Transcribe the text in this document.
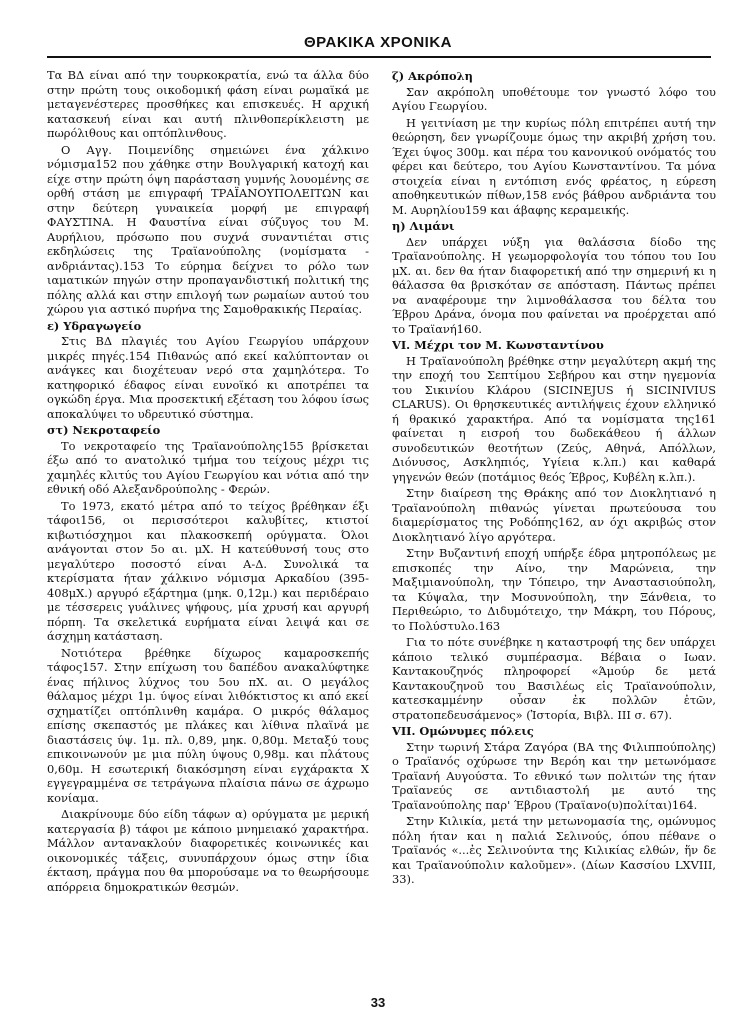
ΘΡΑΚΙΚΑ ΧΡΟΝΙΚΑ

Τα ΒΔ είναι από την τουρκοκρατία, ενώ τα άλλα δύο στην πρώτη τους οικοδομική φάση είναι ρωμαϊκά με μεταγενέστερες προσθήκες και επισκευές. Η αρχική κατασκευή είναι και αυτή πλινθοπερίκλειστη με πωρόλιθους και οπτόπλινθους.

Ο Αγγ. Ποιμενίδης σημειώνει ένα χάλκινο νόμισμα152 που χάθηκε στην Βουλγαρική κατοχή και είχε στην πρώτη όψη παράσταση γυμνής λουομένης σε ορθή στάση με επιγραφή ΤΡΑΪΑΝΟΥΠΟΛΕΙΤΩΝ και στην δεύτερη γυναικεία μορφή με επιγραφή ΦΑΥΣΤΙΝΑ. Η Φαυστίνα είναι σύζυγος του Μ. Αυρήλιου, πρόσωπο που συχνά συναντιέται στις εκδηλώσεις της Τραϊανούπολης (νομίσματα - ανδριάντας).153 Το εύρημα δείχνει το ρόλο των ιαματικών πηγών στην προπαγανδιστική πολιτική της πόλης αλλά και στην επιλογή των ρωμαίων αυτού του χώρου για αστικό πυρήνα της Σαμοθρακικής Περαίας.

ε) Υδραγωγείο

Στις ΒΔ πλαγιές του Αγίου Γεωργίου υπάρχουν μικρές πηγές.154 Πιθανώς από εκεί καλύπτονταν οι ανάγκες και διοχέτευαν νερό στα χαμηλότερα. Το κατηφορικό έδαφος είναι ευνοϊκό κι αποτρέπει τα ογκώδη έργα. Μια προσεκτική εξέταση του λόφου ίσως αποκαλύψει το υδρευτικό σύστημα.

στ) Νεκροταφείο

Το νεκροταφείο της Τραϊανούπολης155 βρίσκεται έξω από το ανατολικό τμήμα του τείχους μέχρι τις χαμηλές κλιτύς του Αγίου Γεωργίου και νότια από την εθνική οδό Αλεξανδρούπολης - Φερών.

Το 1973, εκατό μέτρα από το τείχος βρέθηκαν έξι τάφοι156, οι περισσότεροι καλυβίτες, κτιστοί κιβωτιόσχημοι και πλακοσκεπή ορύγματα. Όλοι ανάγονται στον 5ο αι. μΧ. Η κατεύθυνσή τους στο μεγαλύτερο ποσοστό είναι Α-Δ. Συνολικά τα κτερίσματα ήταν χάλκινο νόμισμα Αρκαδίου (395-408μΧ.) αργυρό εξάρτημα (μηκ. 0,12μ.) και περιδέραιο με τέσσερεις γυάλινες ψήφους, μία χρυσή και αργυρή πόρπη. Τα σκελετικά ευρήματα είναι λειψά και σε άσχημη κατάσταση.

Νοτιότερα βρέθηκε δίχωρος καμαροσκεπής τάφος157. Στην επίχωση του δαπέδου ανακαλύφτηκε ένας πήλινος λύχνος του 5ου πΧ. αι. Ο μεγάλος θάλαμος μέχρι 1μ. ύψος είναι λιθόκτιστος κι από εκεί σχηματίζει οπτόπλινθη καμάρα. Ο μικρός θάλαμος επίσης σκεπαστός με πλάκες και λίθινα πλαϊνά με διαστάσεις ύψ. 1μ. πλ. 0,89, μηκ. 0,80μ. Μεταξύ τους επικοινωνούν με μια πύλη ύψους 0,98μ. και πλάτους 0,60μ. Η εσωτερική διακόσμηση είναι εγχάρακτα Χ εγγεγραμμένα σε τετράγωνα πλαίσια πάνω σε άχρωμο κονίαμα.

Διακρίνουμε δύο είδη τάφων α) ορύγματα με μερική κατεργασία β) τάφοι με κάποιο μνημειακό χαρακτήρα. Μάλλον αντανακλούν διαφορετικές κοινωνικές και οικονομικές τάξεις, συνυπάρχουν όμως στην ίδια έκταση, πράγμα που θα μπορούσαμε να το θεωρήσουμε απόρρεια δημοκρατικών θεσμών.

ζ) Ακρόπολη

Σαν ακρόπολη υποθέτουμε τον γνωστό λόφο του Αγίου Γεωργίου.

Η γειτνίαση με την κυρίως πόλη επιτρέπει αυτή την θεώρηση, δεν γνωρίζουμε όμως την ακριβή χρήση του. Έχει ύψος 300μ. και πέρα του κανονικού ονόματός του φέρει και δεύτερο, του Αγίου Κωνσταντίνου. Τα μόνα στοιχεία είναι η εντόπιση ενός φρέατος, η εύρεση αποθηκευτικών πίθων,158 ενός βάθρου ανδριάντα του Μ. Αυρηλίου159 και άβαφης κεραμεικής.

η) Λιμάνι

Δεν υπάρχει νύξη για θαλάσσια δίοδο της Τραϊανούπολης. Η γεωμορφολογία του τόπου του Ιου μΧ. αι. δεν θα ήταν διαφορετική από την σημερινή κι η θάλασσα θα βρισκόταν σε απόσταση. Πάντως πρέπει να αναφέρουμε την λιμνοθάλασσα του δέλτα του Έβρου Δράνα, όνομα που φαίνεται να προέρχεται από το Τραϊανή160.

VI. Μέχρι τον Μ. Κωνσταντίνου

Η Τραϊανούπολη βρέθηκε στην μεγαλύτερη ακμή της την εποχή του Σεπτίμου Σεβήρου και στην ηγεμονία του Σικινίου Κλάρου (SICINEJUS ή SICINIVIUS CLARUS). Οι θρησκευτικές αντιλήψεις έχουν ελληνικό ή θρακικό χαρακτήρα. Από τα νομίσματα της161 φαίνεται η εισροή του δωδεκάθεου ή άλλων συνοδευτικών θεοτήτων (Ζεύς, Αθηνά, Απόλλων, Διόνυσος, Ασκληπιός, Υγίεια κ.λπ.) και καθαρά γηγενών θεών (ποτάμιος θεός Έβρος, Κυβέλη κ.λπ.).

Στην διαίρεση της Θράκης από τον Διοκλητιανό η Τραϊανούπολη πιθανώς γίνεται πρωτεύουσα του διαμερίσματος της Ροδόπης162, αν όχι ακριβώς στον Διοκλητιανό λίγο αργότερα.

Στην Βυζαντινή εποχή υπήρξε έδρα μητροπόλεως με επισκοπές την Αίνο, την Μαρώνεια, την Μαξιμιανούπολη, την Τόπειρο, την Αναστασιούπολη, τα Κύψαλα, την Μοσυνούπολη, την Ξάνθεια, το Περιθεώριο, το Διδυμότειχο, την Μάκρη, του Πόρους, το Πολύστυλο.163

Για το πότε συνέβηκε η καταστροφή της δεν υπάρχει κάποιο τελικό συμπέρασμα. Βέβαια ο Ιωαν. Καντακουζηνός πληροφορεί «Άμούρ δε μετά Καντακουζηνοῦ του Βασιλέως εἰς Τραϊανούπολιν, κατεσκαμμένην οὖσαν ἐκ πολλῶν ἐτῶν, στρατοπεδευσάμενος» (Ἱστορία, Βιβλ. ΙΙΙ σ. 67).

VII. Ομώνυμες πόλεις

Στην τωρινή Στάρα Ζαγόρα (ΒΑ της Φιλιππούπολης) ο Τραϊανός οχύρωσε την Βερόη και την μετωνόμασε Τραϊανή Αυγούστα. Το εθνικό των πολιτών της ήταν Τραϊανεύς σε αντιδιαστολή με αυτό της Τραϊανούπολης παρ' Έβρου (Τραϊανο(υ)πολίται)164.

Στην Κιλικία, μετά την μετωνομασία της, ομώνυμος πόλη ήταν και η παλιά Σελινούς, όπου πέθανε ο Τραϊανός «...ἐς Σελινούντα της Κιλικίας ελθών, ἥν δε και Τραϊανούπολιν καλοῦμεν». (Δίων Κασσίου LXVIII, 33).

33
